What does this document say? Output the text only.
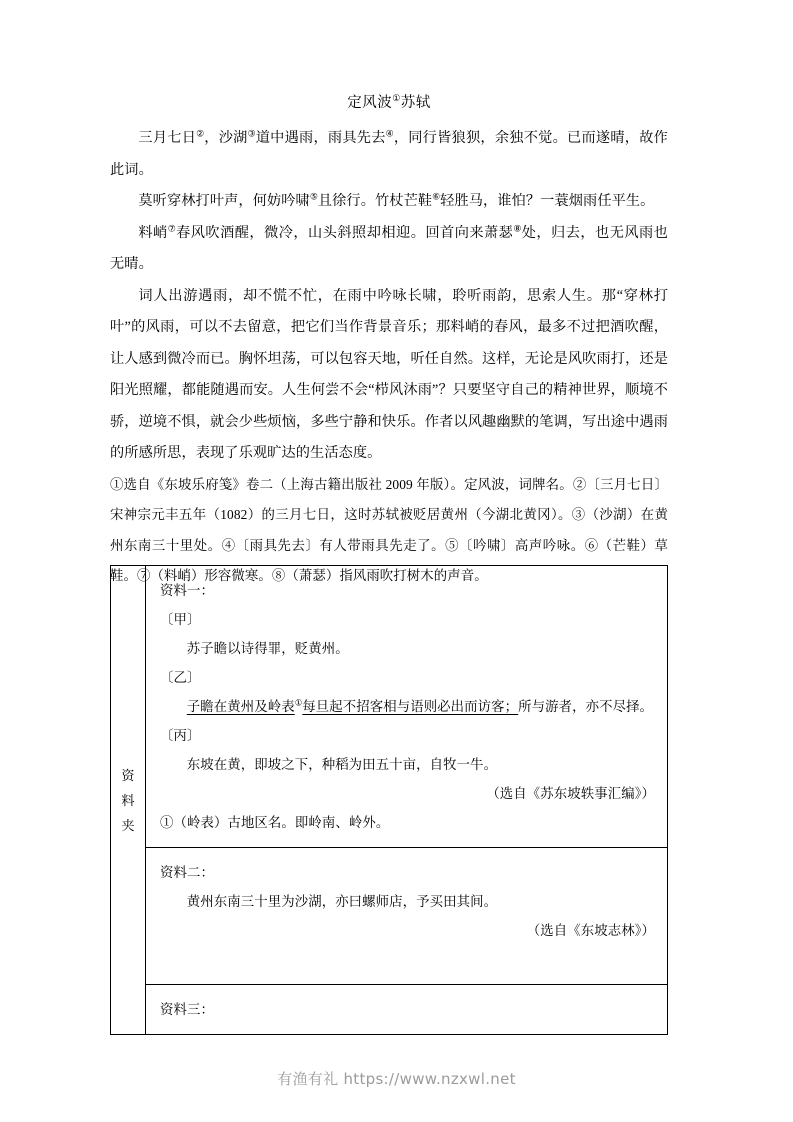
定风波①苏轼

三月七日②，沙湖③道中遇雨，雨具先去④，同行皆狼狈，余独不觉。已而遂晴，故作此词。

莫听穿林打叶声，何妨吟啸⑤且徐行。竹杖芒鞋⑥轻胜马，谁怕？一蓑烟雨任平生。

料峭⑦春风吹酒醒，微冷，山头斜照却相迎。回首向来萧瑟⑧处，归去，也无风雨也无晴。

词人出游遇雨，却不慌不忙，在雨中吟咏长啸，聆听雨韵，思索人生。那“穿林打叶”的风雨，可以不去留意，把它们当作背景音乐；那料峭的春风，最多不过把酒吹醒，让人感到微冷而已。胸怀坦荡，可以包容天地，听任自然。这样，无论是风吹雨打，还是阳光照耀，都能随遇而安。人生何尝不会“栉风沐雨”？只要坚守自己的精神世界，顺境不骄，逆境不惧，就会少些烦恼，多些宁静和快乐。作者以风趣幽默的笔调，写出途中遇雨的所感所思，表现了乐观旷达的生活态度。

①选自《东坡乐府笺》卷二（上海古籍出版社 2009 年版）。定风波，词牌名。②〔三月七日〕宋神宗元丰五年（1082）的三月七日，这时苏轼被贬居黄州（今湖北黄冈）。③（沙湖）在黄州东南三十里处。④〔雨具先去〕有人带雨具先走了。⑤〔吟啸〕高声吟咏。⑥（芒鞋）草鞋。⑦（料峭）形容微寒。⑧（萧瑟）指风雨吹打树木的声音。

资
料
夹

资料一：

〔甲〕

苏子瞻以诗得罪，贬黄州。

〔乙〕

子瞻在黄州及岭表①每旦起不招客相与语则必出而访客；所与游者，亦不尽择。

〔丙〕

东坡在黄，即坡之下，种稻为田五十亩，自牧一牛。

（选自《苏东坡轶事汇编》）

①（岭表）古地区名。即岭南、岭外。

资料二：

黄州东南三十里为沙湖，亦曰螺师店，予买田其间。

（选自《东坡志林》）

资料三：

有渔有礼 https://www.nzxwl.net
